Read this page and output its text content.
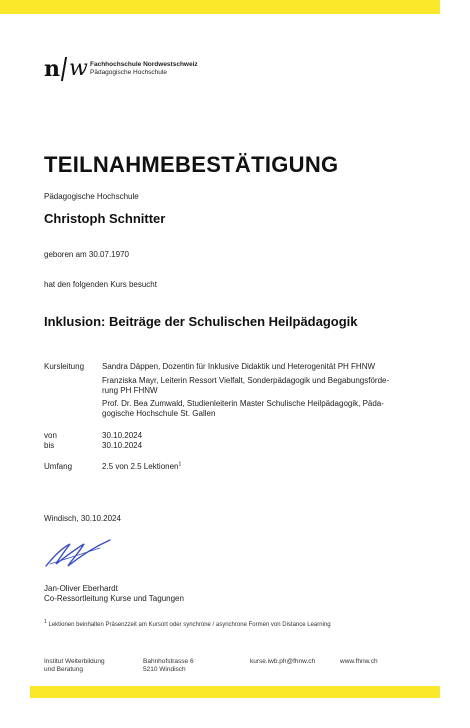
n w Fachhochschule Nordwestschweiz
Pädagogische Hochschule
TEILNAHMEBESTÄTIGUNG
Pädagogische Hochschule
Christoph Schnitter
geboren am 30.07.1970
hat den folgenden Kurs besucht
Inklusion: Beiträge der Schulischen Heilpädagogik
Kursleitung Sandra Däppen, Dozentin für Inklusive Didaktik und Heterogenität PH FHNW
Franziska Mayr, Leiterin Ressort Vielfalt, Sonderpädagogik und Begabungsförde-
rung PH FHNW
Prof. Dr. Bea Zumwald, Studienleiterin Master Schulische Heilpädagogik, Päda-
gogische Hochschule St. Gallen
von	30.10.2024
bis	30.10.2024
Umfang	2.5 von 2.5 Lektionen$^1$
Windisch, 30.10.2024
Jan-Oliver Eberhardt
Co-Ressortleitung Kurse und Tagungen
$^1$ Lektionen beinhalten Präsenzzeit am Kursort oder synchrone / asynchrone Formen von Distance Learning
Institut Weiterbildung
und Beratung
Bahnhofstrasse 6
5210 Windisch
kurse.iwb.ph@fhnw.ch	www.fhnw.ch
